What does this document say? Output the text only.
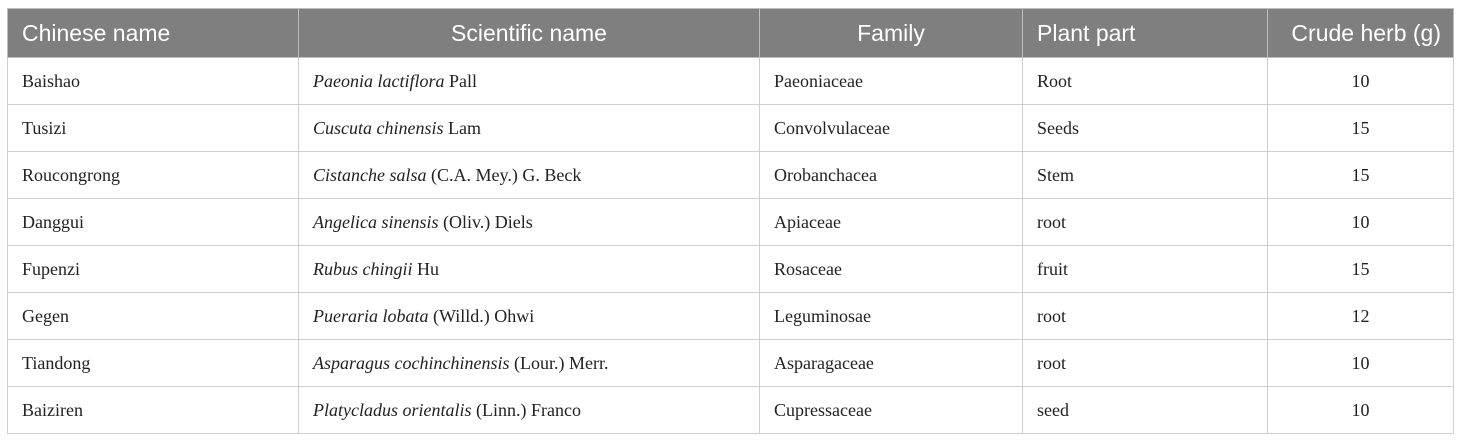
Chinese name	Scientific name	Family	Plant part	Crude herb (g)
Baishao	Paeonia lactiflora Pall	Paeoniaceae	Root	10
Tusizi	Cuscuta chinensis Lam	Convolvulaceae	Seeds	15
Roucongrong	Cistanche salsa (C.A. Mey.) G. Beck	Orobanchacea	Stem	15
Danggui	Angelica sinensis (Oliv.) Diels	Apiaceae	root	10
Fupenzi	Rubus chingii Hu	Rosaceae	fruit	15
Gegen	Pueraria lobata (Willd.) Ohwi	Leguminosae	root	12
Tiandong	Asparagus cochinchinensis (Lour.) Merr.	Asparagaceae	root	10
Baiziren	Platycladus orientalis (Linn.) Franco	Cupressaceae	seed	10
